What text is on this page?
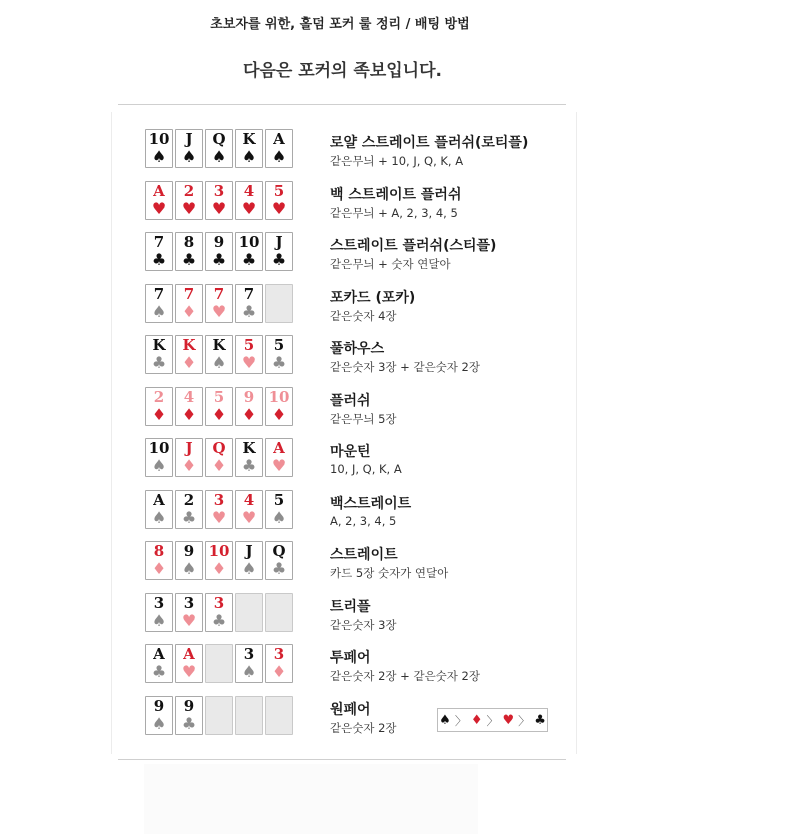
초보자를 위한, 홀덤 포커 룰 정리 / 배팅 방법
다음은 포커의 족보입니다.
10
♠
J
♠
Q
♠
K
♠
A
♠
로얄 스트레이트 플러쉬(로티플)
같은무늬 + 10, J, Q, K, A
A
♥
2
♥
3
♥
4
♥
5
♥
백 스트레이트 플러쉬
같은무늬 + A, 2, 3, 4, 5
7
♣
8
♣
9
♣
10
♣
J
♣
스트레이트 플러쉬(스티플)
같은무늬 + 숫자 연달아
7
♠
7
♦
7
♥
7
♣
포카드 (포카)
같은숫자 4장
K
♣
K
♦
K
♠
5
♥
5
♣
풀하우스
같은숫자 3장 + 같은숫자 2장
2
♦
4
♦
5
♦
9
♦
10
♦
플러쉬
같은무늬 5장
10
♠
J
♦
Q
♦
K
♣
A
♥
마운틴
10, J, Q, K, A
A
♠
2
♣
3
♥
4
♥
5
♠
백스트레이트
A, 2, 3, 4, 5
8
♦
9
♠
10
♦
J
♠
Q
♣
스트레이트
카드 5장 숫자가 연달아
3
♠
3
♥
3
♣
트리플
같은숫자 3장
A
♣
A
♥
3
♠
3
♦
투페어
같은숫자 2장 + 같은숫자 2장
9
♠
9
♣
원페어
같은숫자 2장
♠ 〉 ♦ 〉 ♥ 〉 ♣
